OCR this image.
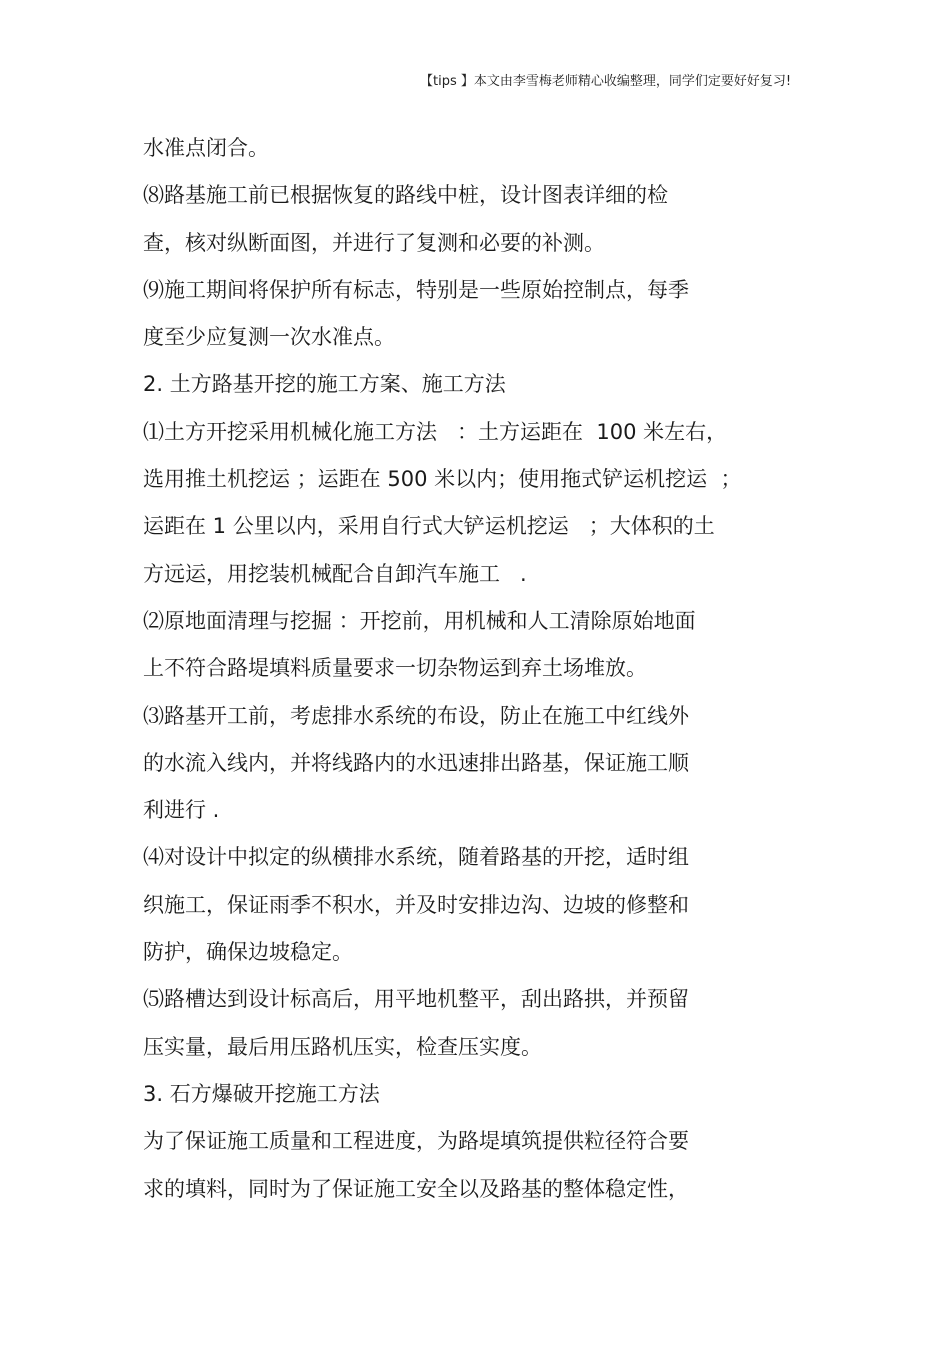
【tips 】本文由李雪梅老师精心收编整理，同学们定要好好复习!
水准点闭合。
⑻路基施工前已根据恢复的路线中桩，设计图表详细的检
查，核对纵断面图，并进行了复测和必要的补测。
⑼施工期间将保护所有标志，特别是一些原始控制点，每季
度至少应复测一次水准点。
2. 土方路基开挖的施工方案、施工方法
⑴土方开挖采用机械化施工方法   ：土方运距在  100 米左右，
选用推土机挖运 ；运距在 500 米以内；使用拖式铲运机挖运  ；
运距在 1 公里以内，采用自行式大铲运机挖运   ；大体积的土
方远运，用挖装机械配合自卸汽车施工   .
⑵原地面清理与挖掘 ：开挖前，用机械和人工清除原始地面
上不符合路堤填料质量要求一切杂物运到弃土场堆放。
⑶路基开工前，考虑排水系统的布设，防止在施工中红线外
的水流入线内，并将线路内的水迅速排出路基，保证施工顺
利进行 .
⑷对设计中拟定的纵横排水系统，随着路基的开挖，适时组
织施工，保证雨季不积水，并及时安排边沟、边坡的修整和
防护，确保边坡稳定。
⑸路槽达到设计标高后，用平地机整平，刮出路拱，并预留
压实量，最后用压路机压实，检查压实度。
3. 石方爆破开挖施工方法
为了保证施工质量和工程进度，为路堤填筑提供粒径符合要
求的填料，同时为了保证施工安全以及路基的整体稳定性，
